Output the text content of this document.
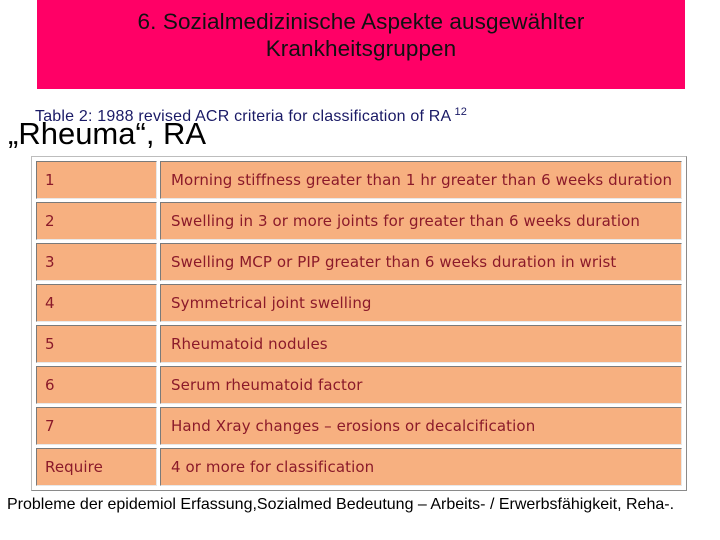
6. Sozialmedizinische Aspekte ausgewählter
Krankheitsgruppen
Table 2: 1988 revised ACR criteria for classification of RA $^{12}$
„Rheuma“, RA
1	Morning stiffness greater than 1 hr greater than 6 weeks duration
2	Swelling in 3 or more joints for greater than 6 weeks duration
3	Swelling MCP or PIP greater than 6 weeks duration in wrist
4	Symmetrical joint swelling
5	Rheumatoid nodules
6	Serum rheumatoid factor
7	Hand Xray changes – erosions or decalcification
Require	4 or more for classification
Probleme der epidemiol Erfassung,Sozialmed Bedeutung – Arbeits- / Erwerbsfähigkeit, Reha-.
